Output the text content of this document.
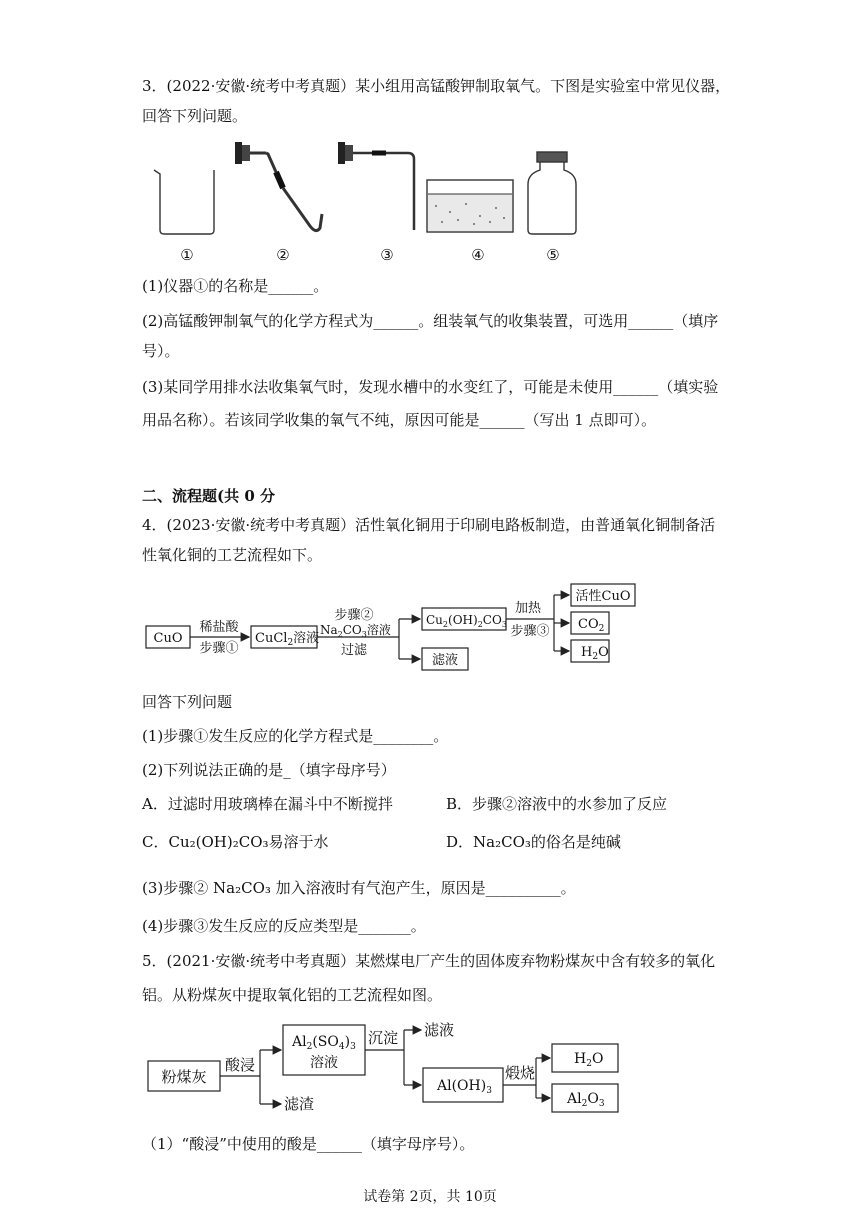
3．(2022·安徽·统考中考真题）某小组用高锰酸钾制取氧气。下图是实验室中常见仪器，
回答下列问题。
①	②	③	④	⑤
(1)仪器①的名称是______。
(2)高锰酸钾制氧气的化学方程式为______。组装氧气的收集装置，可选用______（填序
号）。
(3)某同学用排水法收集氧气时，发现水槽中的水变红了，可能是未使用______（填实验
用品名称）。若该同学收集的氧气不纯，原因可能是______（写出 1 点即可）。
二、流程题(共 0 分
4．(2023·安徽·统考中考真题）活性氧化铜用于印刷电路板制造，由普通氧化铜制备活
性氧化铜的工艺流程如下。
CuO
稀盐酸
步骤①
CuCl$_2$溶液
步骤②
$Na_2CO_3$溶液
过滤
$Cu_2(OH)_2CO_3$
滤液
加热
步骤③
活性CuO
$CO_2$
$H_2O$
回答下列问题
(1)步骤①发生反应的化学方程式是________。
(2)下列说法正确的是_（填字母序号）
A．过滤时用玻璃棒在漏斗中不断搅拌	B．步骤②溶液中的水参加了反应
C．Cu₂(OH)₂CO₃易溶于水	D．Na₂CO₃的俗名是纯碱
(3)步骤② Na₂CO₃ 加入溶液时有气泡产生，原因是__________。
(4)步骤③发生反应的反应类型是_______。
5．(2021·安徽·统考中考真题）某燃煤电厂产生的固体废弃物粉煤灰中含有较多的氧化
铝。从粉煤灰中提取氧化铝的工艺流程如图。
粉煤灰
酸浸
$Al_2(SO_4)_3$
溶液
沉淀 滤液
滤渣
$Al(OH)_3$
煅烧
$H_2O$
$Al_2O_3$
（1）“酸浸”中使用的酸是______（填字母序号）。
试卷第 2页，共 10页
